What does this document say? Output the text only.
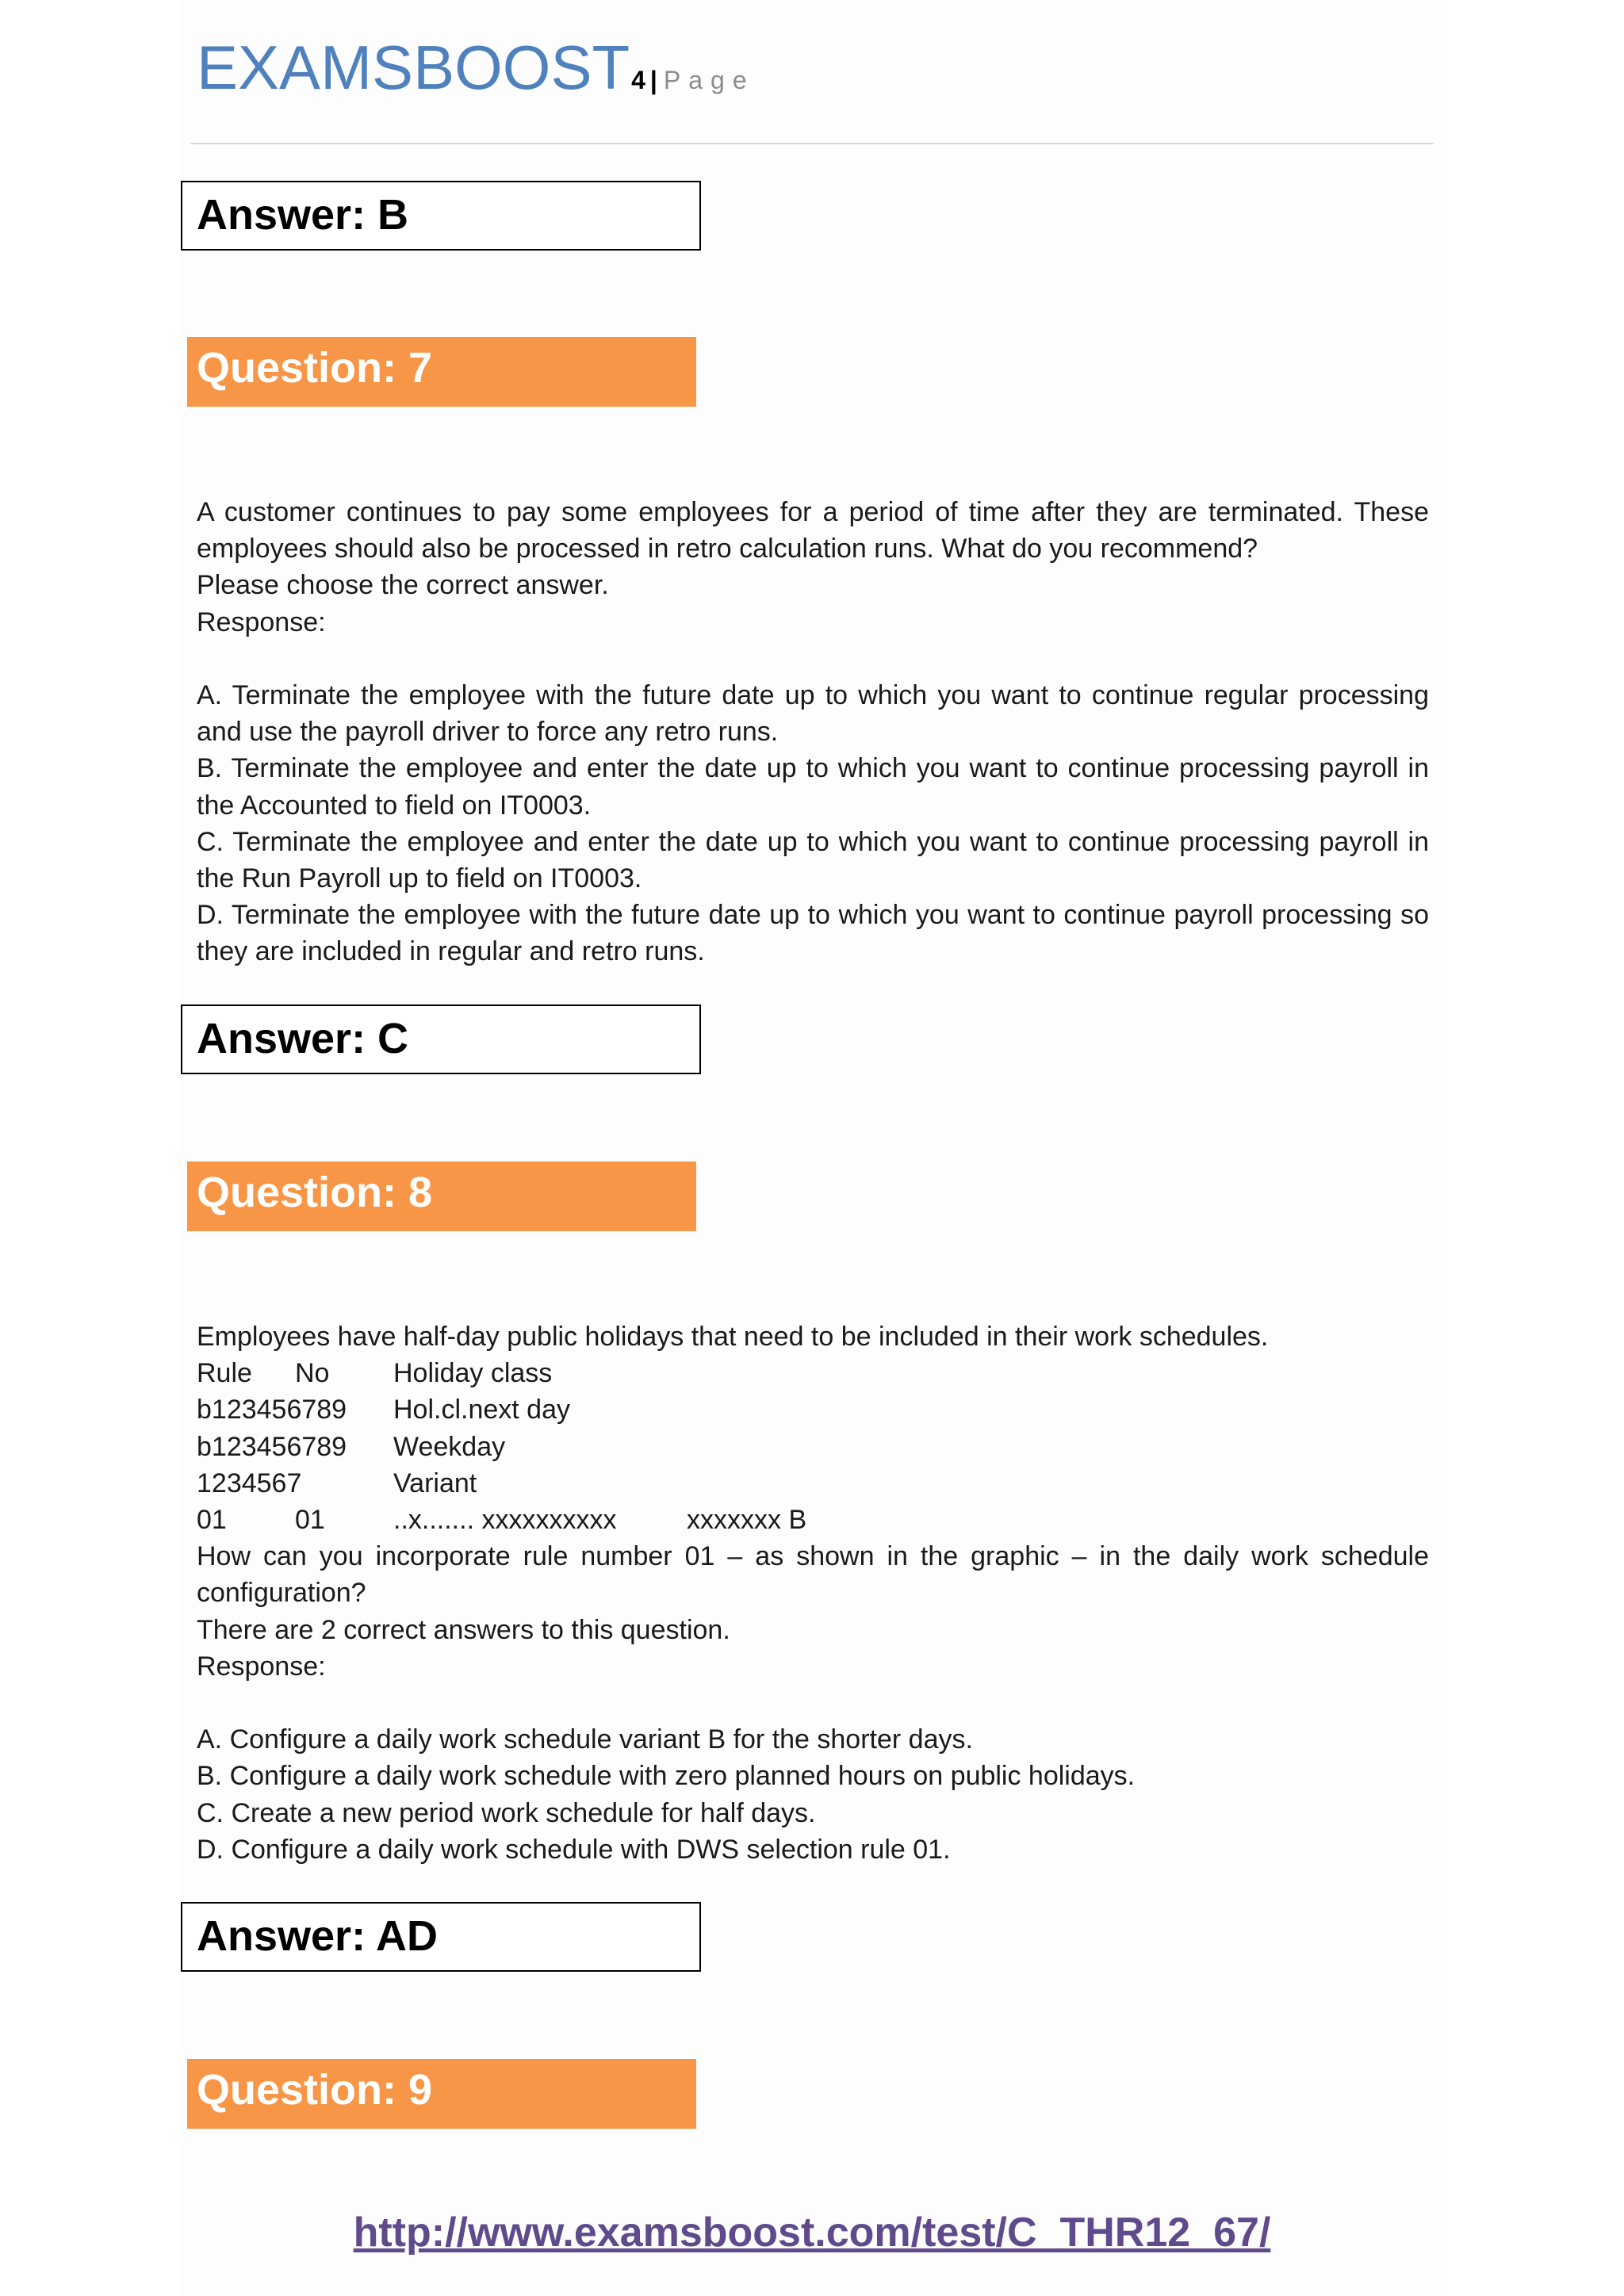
EXAMSBOOST4 | Page
Answer: B
Question: 7

A customer continues to pay some employees for a period of time after they are terminated. These employees should also be processed in retro calculation runs. What do you recommend?

Please choose the correct answer.

Response:

A. Terminate the employee with the future date up to which you want to continue regular processing and use the payroll driver to force any retro runs.

B. Terminate the employee and enter the date up to which you want to continue processing payroll in the Accounted to field on IT0003.

C. Terminate the employee and enter the date up to which you want to continue processing payroll in the Run Payroll up to field on IT0003.

D. Terminate the employee with the future date up to which you want to continue payroll processing so they are included in regular and retro runs.

Answer: C
Question: 8

Employees have half-day public holidays that need to be included in their work schedules.

Rule No Holiday class
b123456789 Hol.cl.next day
b123456789 Weekday
1234567	Variant
01	01	..x....... xxxxxxxxxx	xxxxxxx B

How can you incorporate rule number 01 – as shown in the graphic – in the daily work schedule configuration?

There are 2 correct answers to this question.

Response:

A. Configure a daily work schedule variant B for the shorter days.

B. Configure a daily work schedule with zero planned hours on public holidays.

C. Create a new period work schedule for half days.

D. Configure a daily work schedule with DWS selection rule 01.

Answer: AD
Question: 9
http://www.examsboost.com/test/C_THR12_67/
